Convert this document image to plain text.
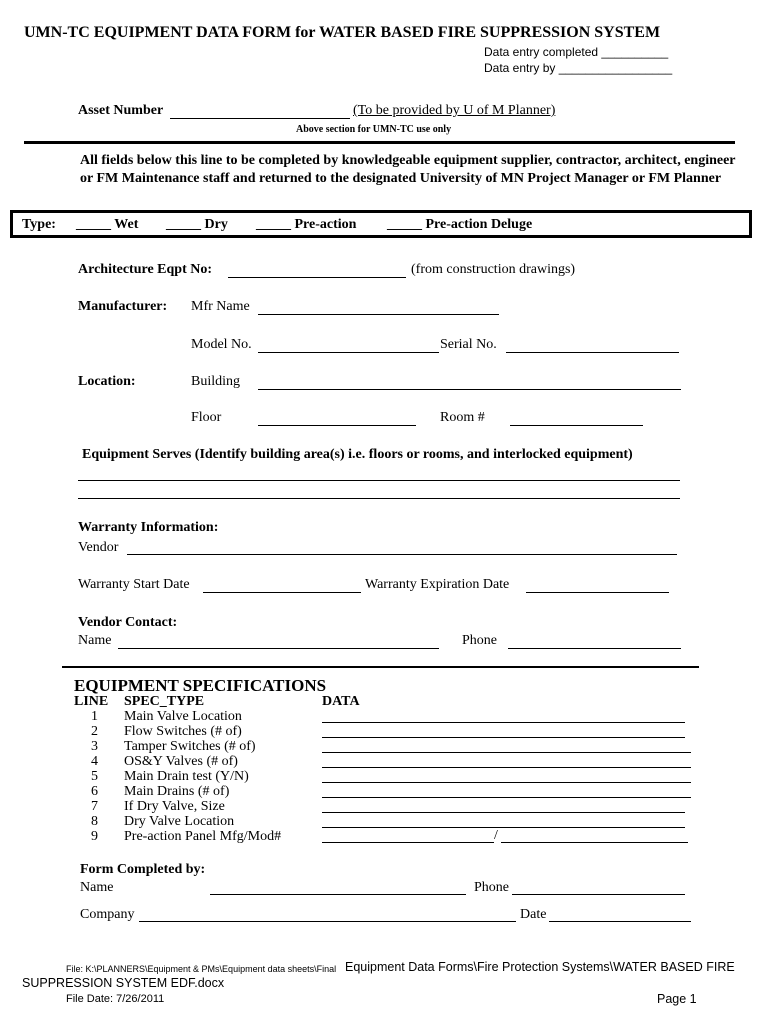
UMN-TC EQUIPMENT DATA FORM for WATER BASED FIRE SUPPRESSION SYSTEM
Data entry completed __________
Data entry by _________________
Asset Number	(To be provided by U of M Planner)
Above section for UMN-TC use only
All fields below this line to be completed by knowledgeable equipment supplier, contractor, architect, engineer or FM Maintenance staff and returned to the designated University of MN Project Manager or FM Planner
Type: _____ Wet _____ Dry _____ Pre-action _____ Pre-action Deluge
Architecture Eqpt No:	(from construction drawings)
Manufacturer: Mfr Name
Model No.	Serial No.
Location:	Building
Floor	Room #
Equipment Serves (Identify building area(s) i.e. floors or rooms, and interlocked equipment)
Warranty Information:
Vendor
Warranty Start Date	Warranty Expiration Date
Vendor Contact:
Name	Phone
EQUIPMENT SPECIFICATIONS
LINE SPEC_TYPE	DATA
1 Main Valve Location
2 Flow Switches (# of)
3 Tamper Switches (# of)
4 OS&Y Valves (# of)
5 Main Drain test (Y/N)
6 Main Drains (# of)
7 If Dry Valve, Size
8 Dry Valve Location
9 Pre-action Panel Mfg/Mod#	/
Form Completed by:
Name	Phone
Company	Date
File: K:\PLANNERS\Equipment & PMs\Equipment data sheets\Final Equipment Data Forms\Fire Protection Systems\WATER BASED FIRE
SUPPRESSION SYSTEM EDF.docx
File Date: 7/26/2011	Page 1
